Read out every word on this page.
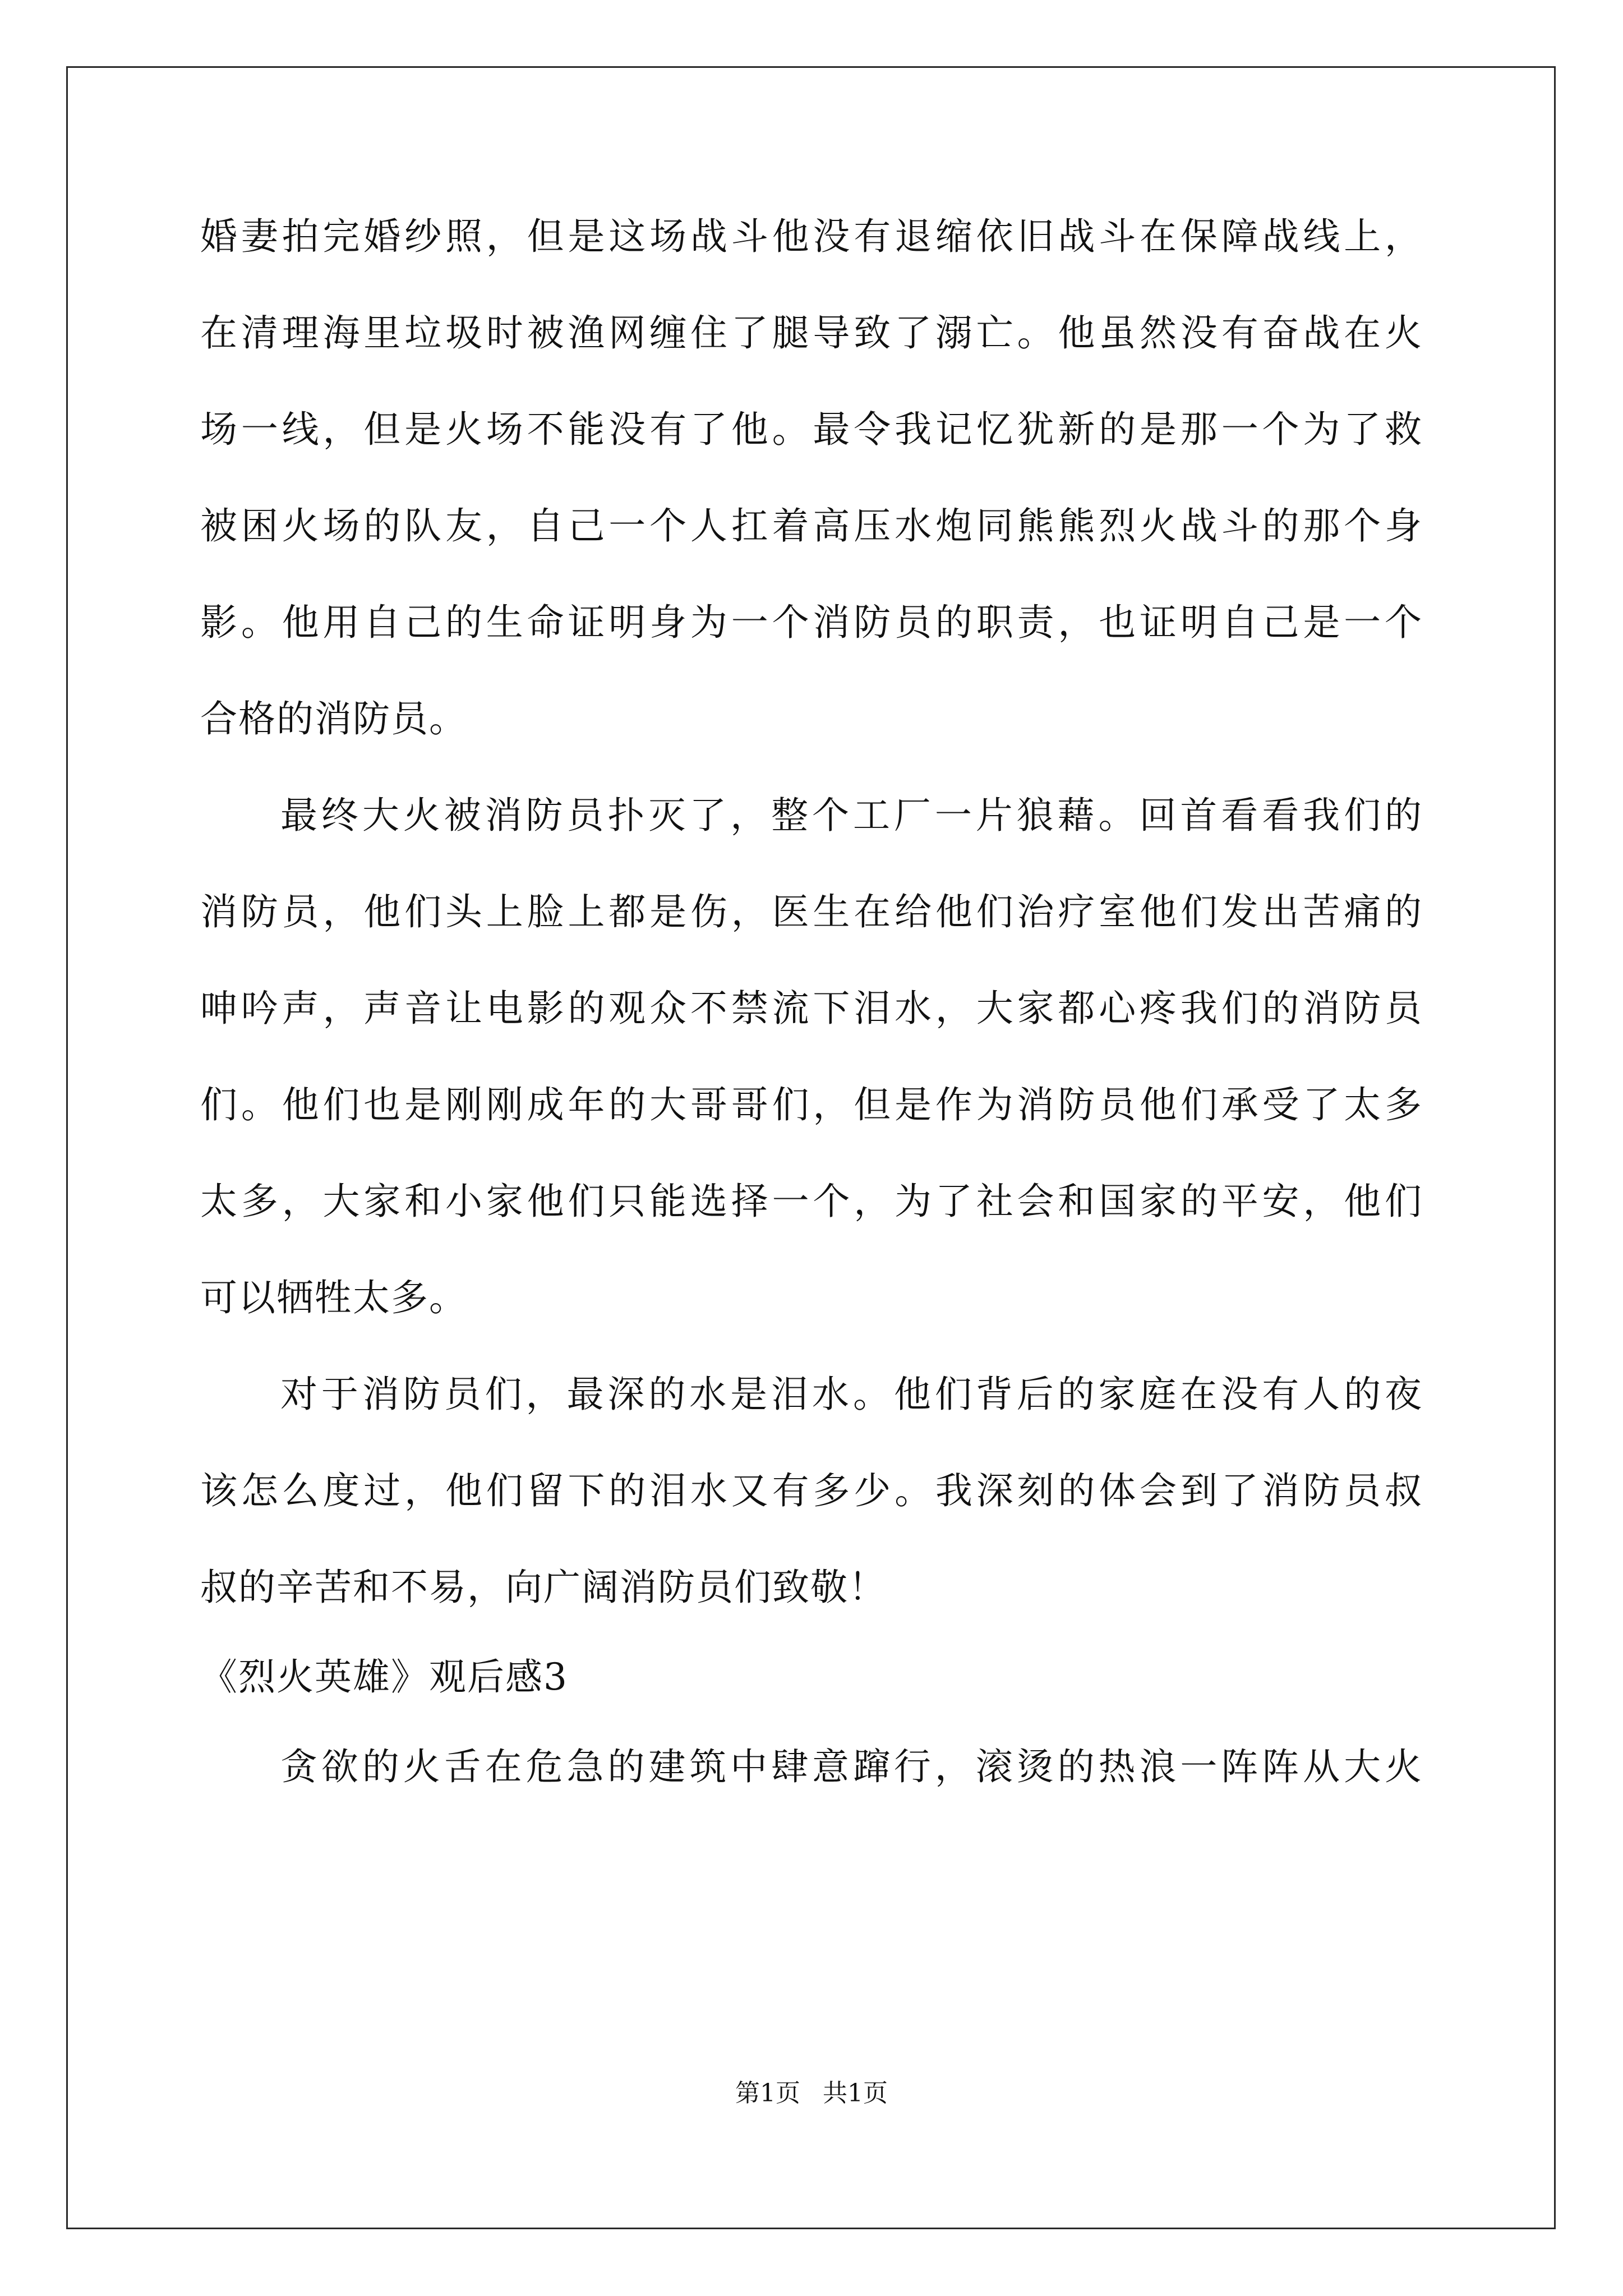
婚妻拍完婚纱照，但是这场战斗他没有退缩依旧战斗在保障战线上，
在清理海里垃圾时被渔网缠住了腿导致了溺亡。他虽然没有奋战在火
场一线，但是火场不能没有了他。最令我记忆犹新的是那一个为了救
被困火场的队友，自己一个人扛着高压水炮同熊熊烈火战斗的那个身
影。他用自己的生命证明身为一个消防员的职责，也证明自己是一个
合格的消防员。
最终大火被消防员扑灭了，整个工厂一片狼藉。回首看看我们的
消防员，他们头上脸上都是伤，医生在给他们治疗室他们发出苦痛的
呻吟声，声音让电影的观众不禁流下泪水，大家都心疼我们的消防员
们。他们也是刚刚成年的大哥哥们，但是作为消防员他们承受了太多
太多，大家和小家他们只能选择一个，为了社会和国家的平安，他们
可以牺牲太多。
对于消防员们，最深的水是泪水。他们背后的家庭在没有人的夜
该怎么度过，他们留下的泪水又有多少。我深刻的体会到了消防员叔
叔的辛苦和不易，向广阔消防员们致敬！
《烈火英雄》观后感3
贪欲的火舌在危急的建筑中肆意蹿行，滚烫的热浪一阵阵从大火
第1页 共1页
